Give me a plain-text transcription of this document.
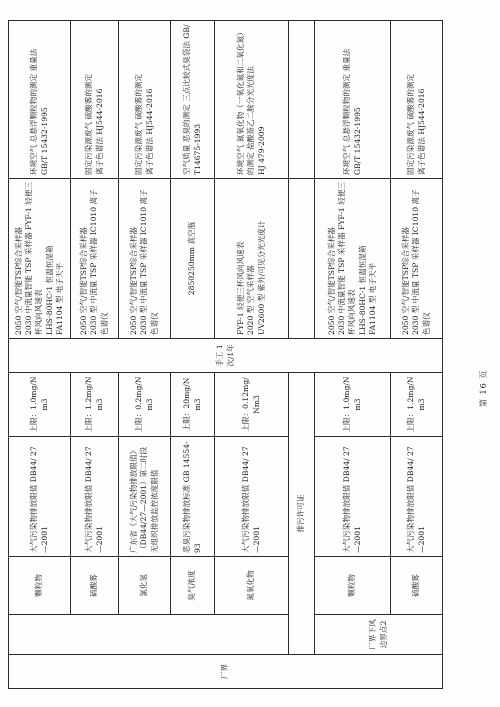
厂界		颗粒物	大气污染物排放限值 DB44/ 27—2001	上限：1.0mg/Nm3	手工 1次/1年	2050 空气/智能TSP综合采样器
2030 中流量智能 TSP 采样器 FYF-1 轻便三杯风向风速表
LHS-80HC-1 恒温恒湿箱
FA1104 型 电子天平	环境空气 总悬浮颗粒物的测定 重量法
GB/T 15432-1995
		硫酸雾	大气污染物排放限值 DB44/ 27—2001	上限：1.2mg/Nm3		2050 空气/智能TSP综合采样器
2030 型 中流量 TSP 采样器 IC1010 离子色谱仪	固定污染源废气 硫酸雾的测定
离子色谱法 HJ544-2016
		氯化氢	广东省《大气污染物排放限值》（DB44/27—2001）第二时段无组织排放监控浓度限值	上限：0.2mg/Nm3		2050 空气/智能TSP综合采样器
2030 型 中流量 TSP 采样器 IC1010 离子色谱仪	固定污染源废气 硫酸雾的测定
离子色谱法 HJ544-2016
		臭气浓度	恶臭污染物排放标准 GB 14554-93	上限：20mg/Nm3		2850250mm 真空瓶	空气质量 恶臭的测定 三点比较式臭袋法 GB/T14675-1993
		氮氧化物	大气污染物排放限值 DB44/ 27—2001	上限：0.12mg/Nm3		FYF-1 轻便三杯风向风速表
2020 型 空气采样器
UV2600 型 紫外/可见分光光度计	环境空气 氮氧化物（一氧化氮和二氧化氮）的测定 盐酸萘乙二胺分光光度法
HJ 479-2009
	排污许可证						
	厂界下风边界点2	颗粒物	大气污染物排放限值 DB44/ 27—2001	上限：1.0mg/Nm3		2050 空气/智能TSP综合采样器
2030 中流量智能 TSP 采样器 FYF-1 轻便三杯风向风速表
LHS-80HC-1 恒温恒湿箱
FA1104 型 电子天平	环境空气 总悬浮颗粒物的测定 重量法
GB/T 15432-1995
		硫酸雾	大气污染物排放限值 DB44/ 27—2001	上限：1.2mg/Nm3		2050 空气/智能TSP综合采样器
2030 型 中流量 TSP 采样器 IC1010 离子色谱仪	固定污染源废气 硫酸雾的测定
离子色谱法 HJ544-2016
第 16 页
